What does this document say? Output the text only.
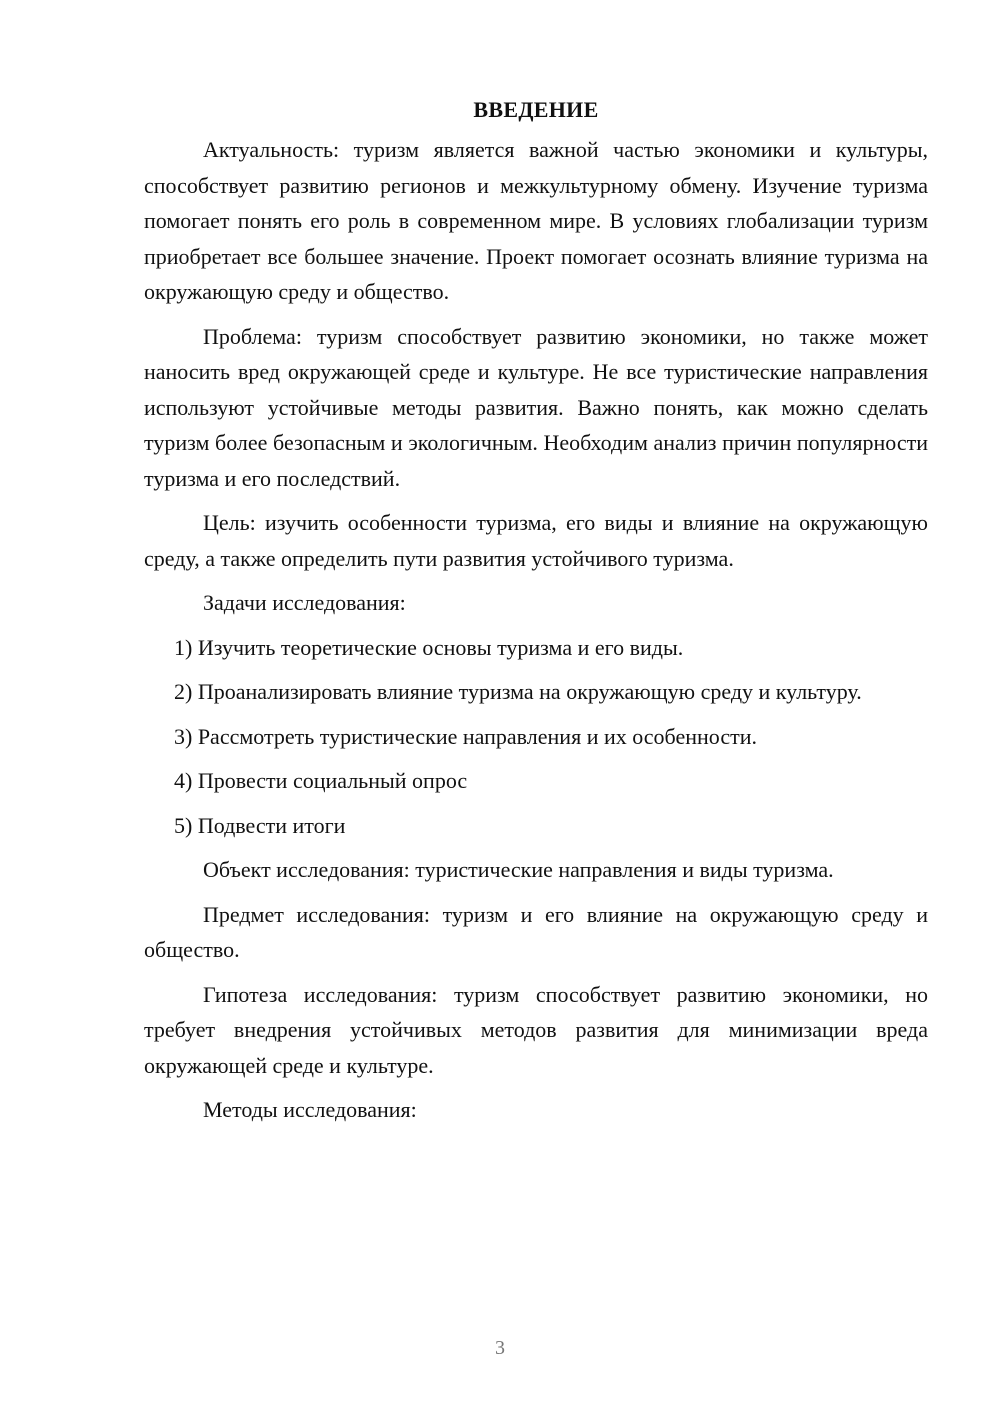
ВВЕДЕНИЕ

Актуальность: туризм является важной частью экономики и культуры, способствует развитию регионов и межкультурному обмену. Изучение туризма помогает понять его роль в современном мире. В условиях глобализации туризм приобретает все большее значение. Проект помогает осознать влияние туризма на окружающую среду и общество.

Проблема: туризм способствует развитию экономики, но также может наносить вред окружающей среде и культуре. Не все туристические направления используют устойчивые методы развития. Важно понять, как можно сделать туризм более безопасным и экологичным. Необходим анализ причин популярности туризма и его последствий.

Цель: изучить особенности туризма, его виды и влияние на окружающую среду, а также определить пути развития устойчивого туризма.

Задачи исследования:

1) Изучить теоретические основы туризма и его виды.

2) Проанализировать влияние туризма на окружающую среду и культуру.

3) Рассмотреть туристические направления и их особенности.

4) Провести социальный опрос

5) Подвести итоги

Объект исследования: туристические направления и виды туризма.

Предмет исследования: туризм и его влияние на окружающую среду и общество.

Гипотеза исследования: туризм способствует развитию экономики, но требует внедрения устойчивых методов развития для минимизации вреда окружающей среде и культуре.

Методы исследования:

3
